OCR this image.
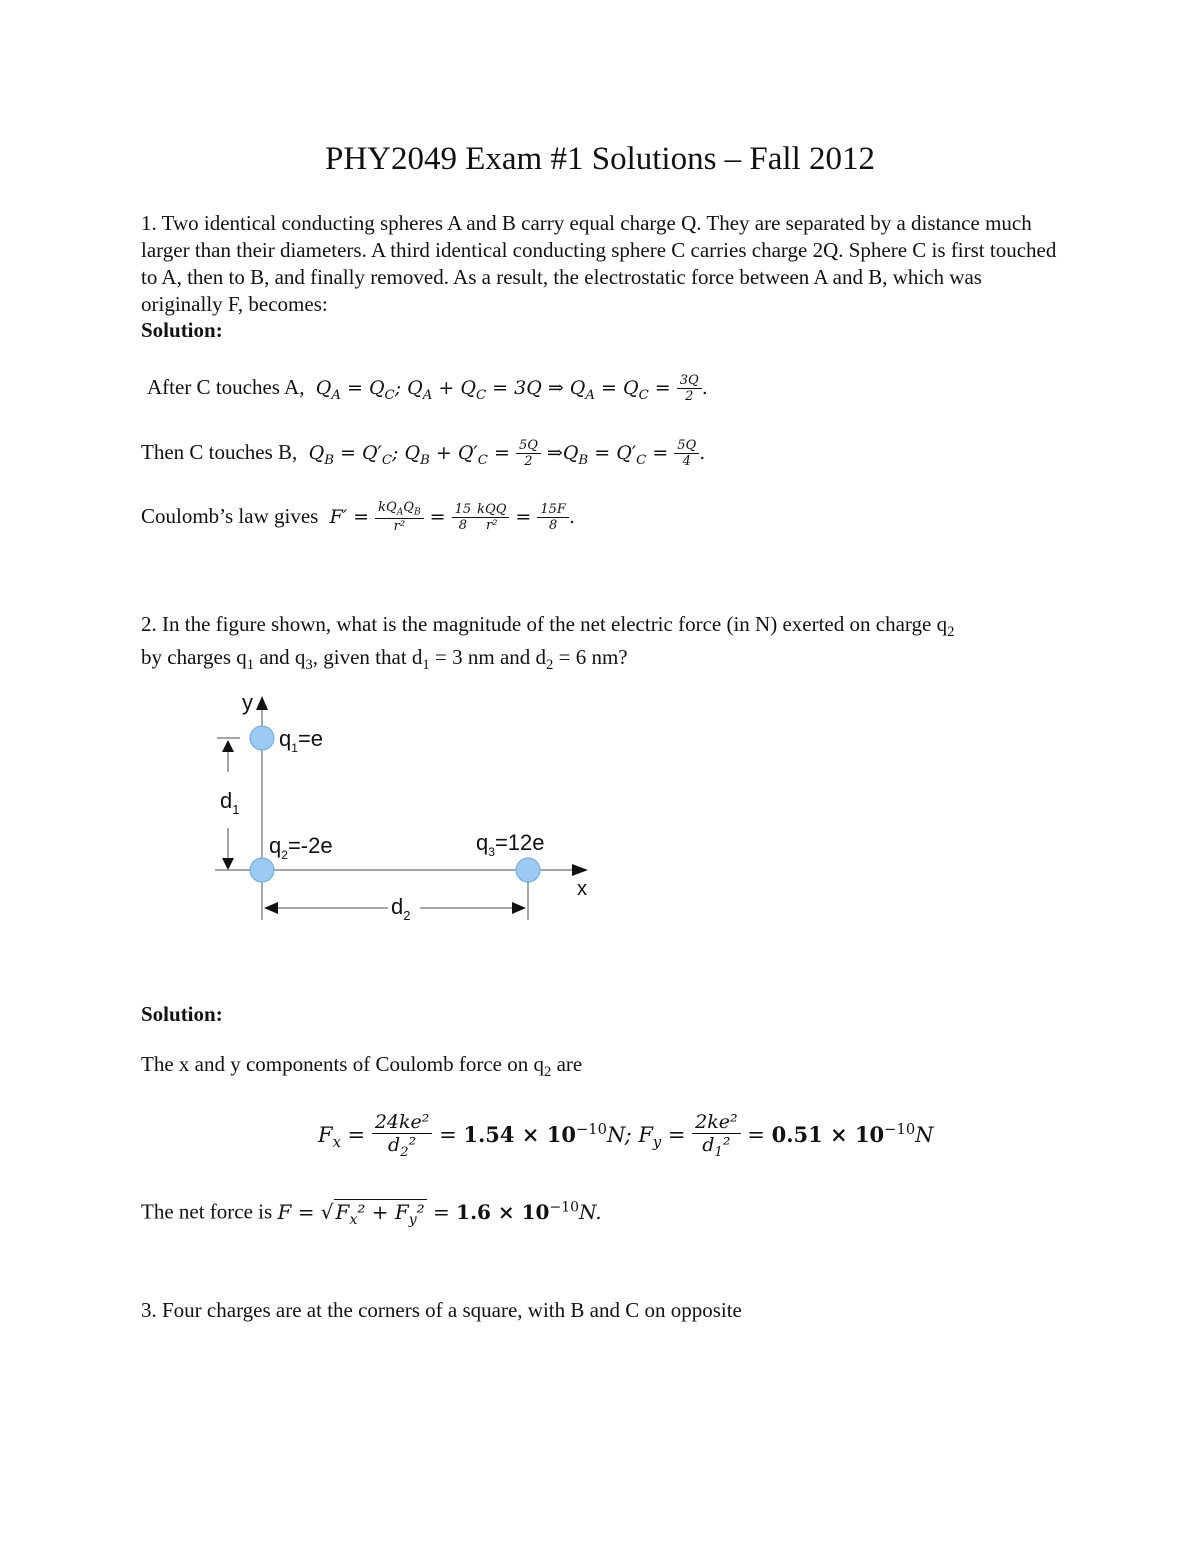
PHY2049 Exam #1 Solutions – Fall 2012
1. Two identical conducting spheres A and B carry equal charge Q. They are separated by a distance much larger than their diameters. A third identical conducting sphere C carries charge 2Q. Sphere C is first touched to A, then to B, and finally removed. As a result, the electrostatic force between A and B, which was originally F, becomes:
Solution:
After C touches A,  $Q_A = Q_C$; $Q_A + Q_C = 3Q$ ⇒ $Q_A = Q_C = \frac{3Q}{2}$ .
Then C touches B,  $Q_B = Q'_C$; $Q_B + Q'_C = \frac{5Q}{2}$ $\Rightarrow Q_B = Q'_C = \frac{5Q}{4}$ .
Coulomb’s law gives  $F' = \frac{kQ_AQ_B}{\text{r²}} = \frac{15}{8} \frac{\text{kQQ}}{\text{r²}} = \frac{15F}{8}$ .
2. In the figure shown, what is the magnitude of the net electric force (in N) exerted on charge $q_2$
by charges $q_1$ and $q_3$, given that $d_1 = 3$ nm and $d_2 = 6$ nm?
y
x
$d_1$
$d_2$
$q_1=e$
$q_2=-2e$	$q_3=12e$
Solution:
The x and y components of Coulomb force on $q_2$ are
$F_x = \frac{\text{24ke²}}{d_2^2} = 1.54 \times 10^{-10}N$; $F_y = \frac{\text{2ke²}}{d_1^2} = 0.51 \times 10^{-10}N$
The net force is F = √ $F_x^2 + F_y^2 = 1.6 \times 10^{-10}N$.
3. Four charges are at the corners of a square, with B and C on opposite
